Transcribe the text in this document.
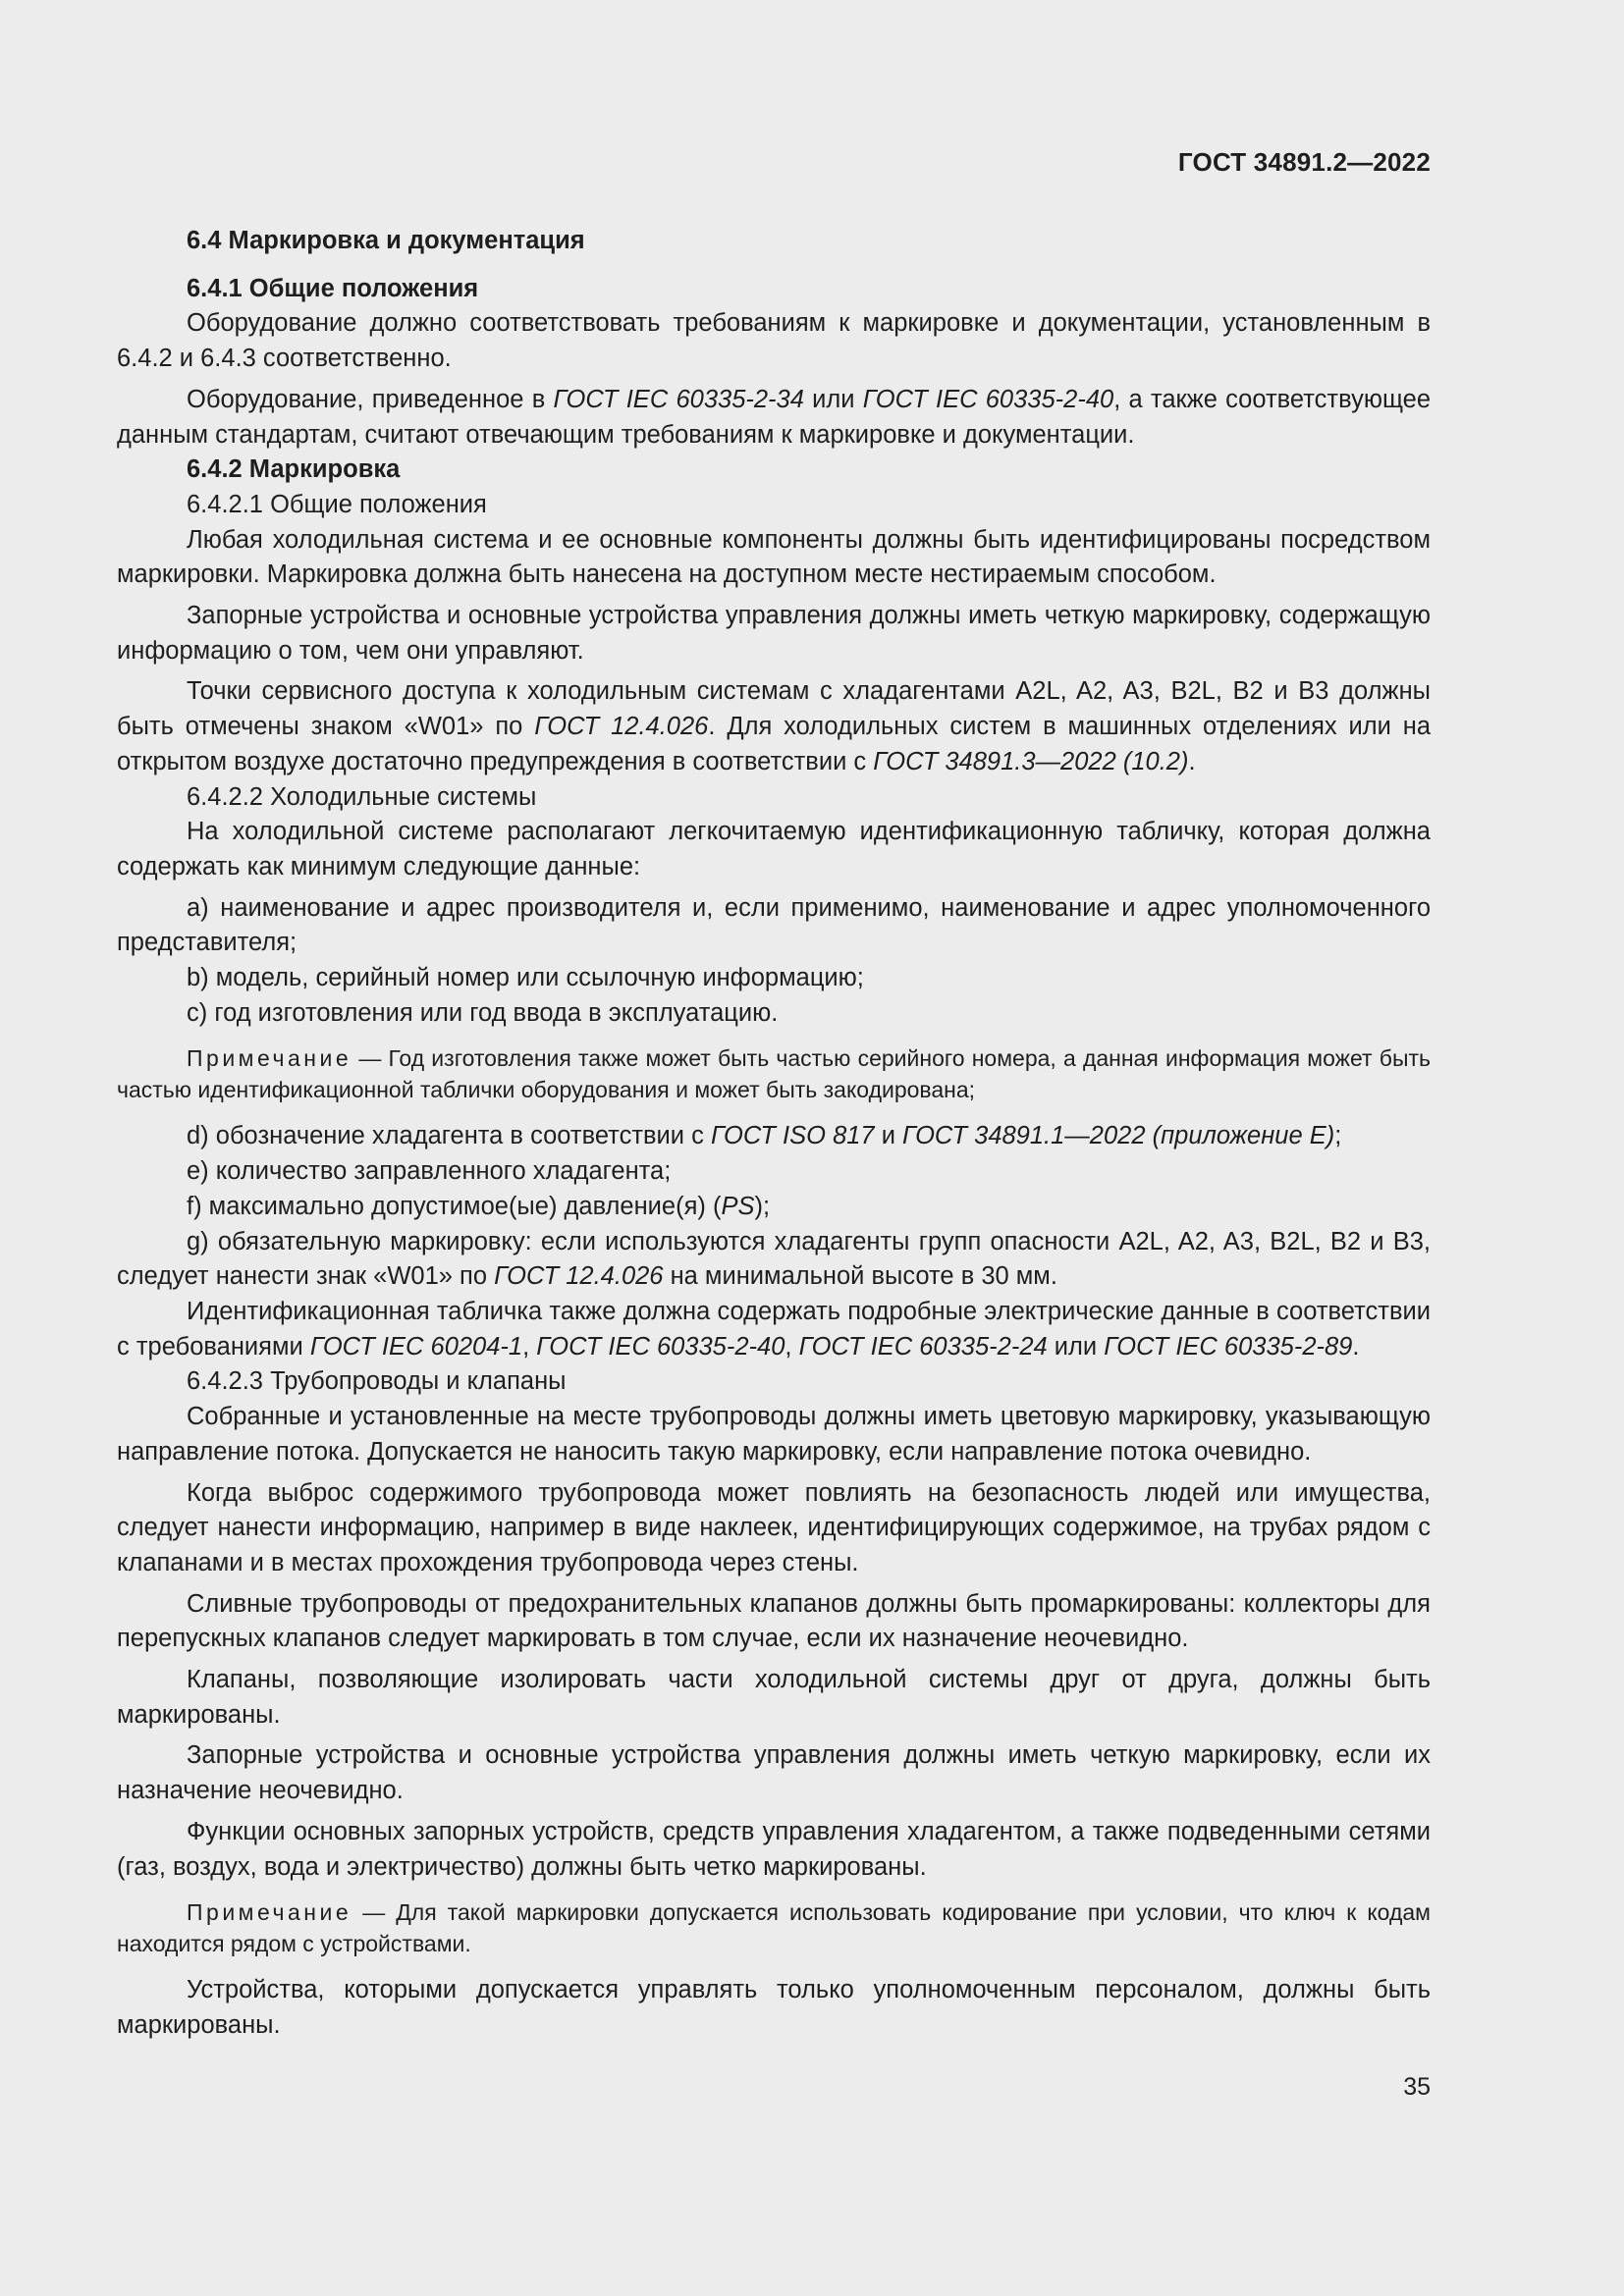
ГОСТ 34891.2—2022

6.4 Маркировка и документация

6.4.1 Общие положения

Оборудование должно соответствовать требованиям к маркировке и документации, установленным в 6.4.2 и 6.4.3 соответственно.

Оборудование, приведенное в ГОСТ IEC 60335-2-34 или ГОСТ IEC 60335-2-40, а также соответствующее данным стандартам, считают отвечающим требованиям к маркировке и документации.

6.4.2 Маркировка

6.4.2.1 Общие положения

Любая холодильная система и ее основные компоненты должны быть идентифицированы посредством маркировки. Маркировка должна быть нанесена на доступном месте нестираемым способом.

Запорные устройства и основные устройства управления должны иметь четкую маркировку, содержащую информацию о том, чем они управляют.

Точки сервисного доступа к холодильным системам с хладагентами A2L, A2, A3, B2L, B2 и B3 должны быть отмечены знаком «W01» по ГОСТ 12.4.026. Для холодильных систем в машинных отделениях или на открытом воздухе достаточно предупреждения в соответствии с ГОСТ 34891.3—2022 (10.2).

6.4.2.2 Холодильные системы

На холодильной системе располагают легкочитаемую идентификационную табличку, которая должна содержать как минимум следующие данные:

a) наименование и адрес производителя и, если применимо, наименование и адрес уполномоченного представителя;

b) модель, серийный номер или ссылочную информацию;

c) год изготовления или год ввода в эксплуатацию.

Примечание — Год изготовления также может быть частью серийного номера, а данная информация может быть частью идентификационной таблички оборудования и может быть закодирована;

d) обозначение хладагента в соответствии с ГОСТ ISO 817 и ГОСТ 34891.1—2022 (приложение E);

e) количество заправленного хладагента;

f) максимально допустимое(ые) давление(я) (PS);

g) обязательную маркировку: если используются хладагенты групп опасности A2L, A2, A3, B2L, B2 и B3, следует нанести знак «W01» по ГОСТ 12.4.026 на минимальной высоте в 30 мм.

Идентификационная табличка также должна содержать подробные электрические данные в соответствии с требованиями ГОСТ IEC 60204-1, ГОСТ IEC 60335-2-40, ГОСТ IEC 60335-2-24 или ГОСТ IEC 60335-2-89.

6.4.2.3 Трубопроводы и клапаны

Собранные и установленные на месте трубопроводы должны иметь цветовую маркировку, указывающую направление потока. Допускается не наносить такую маркировку, если направление потока очевидно.

Когда выброс содержимого трубопровода может повлиять на безопасность людей или имущества, следует нанести информацию, например в виде наклеек, идентифицирующих содержимое, на трубах рядом с клапанами и в местах прохождения трубопровода через стены.

Сливные трубопроводы от предохранительных клапанов должны быть промаркированы: коллекторы для перепускных клапанов следует маркировать в том случае, если их назначение неочевидно.

Клапаны, позволяющие изолировать части холодильной системы друг от друга, должны быть маркированы.

Запорные устройства и основные устройства управления должны иметь четкую маркировку, если их назначение неочевидно.

Функции основных запорных устройств, средств управления хладагентом, а также подведенными сетями (газ, воздух, вода и электричество) должны быть четко маркированы.

Примечание — Для такой маркировки допускается использовать кодирование при условии, что ключ к кодам находится рядом с устройствами.

Устройства, которыми допускается управлять только уполномоченным персоналом, должны быть маркированы.

35
